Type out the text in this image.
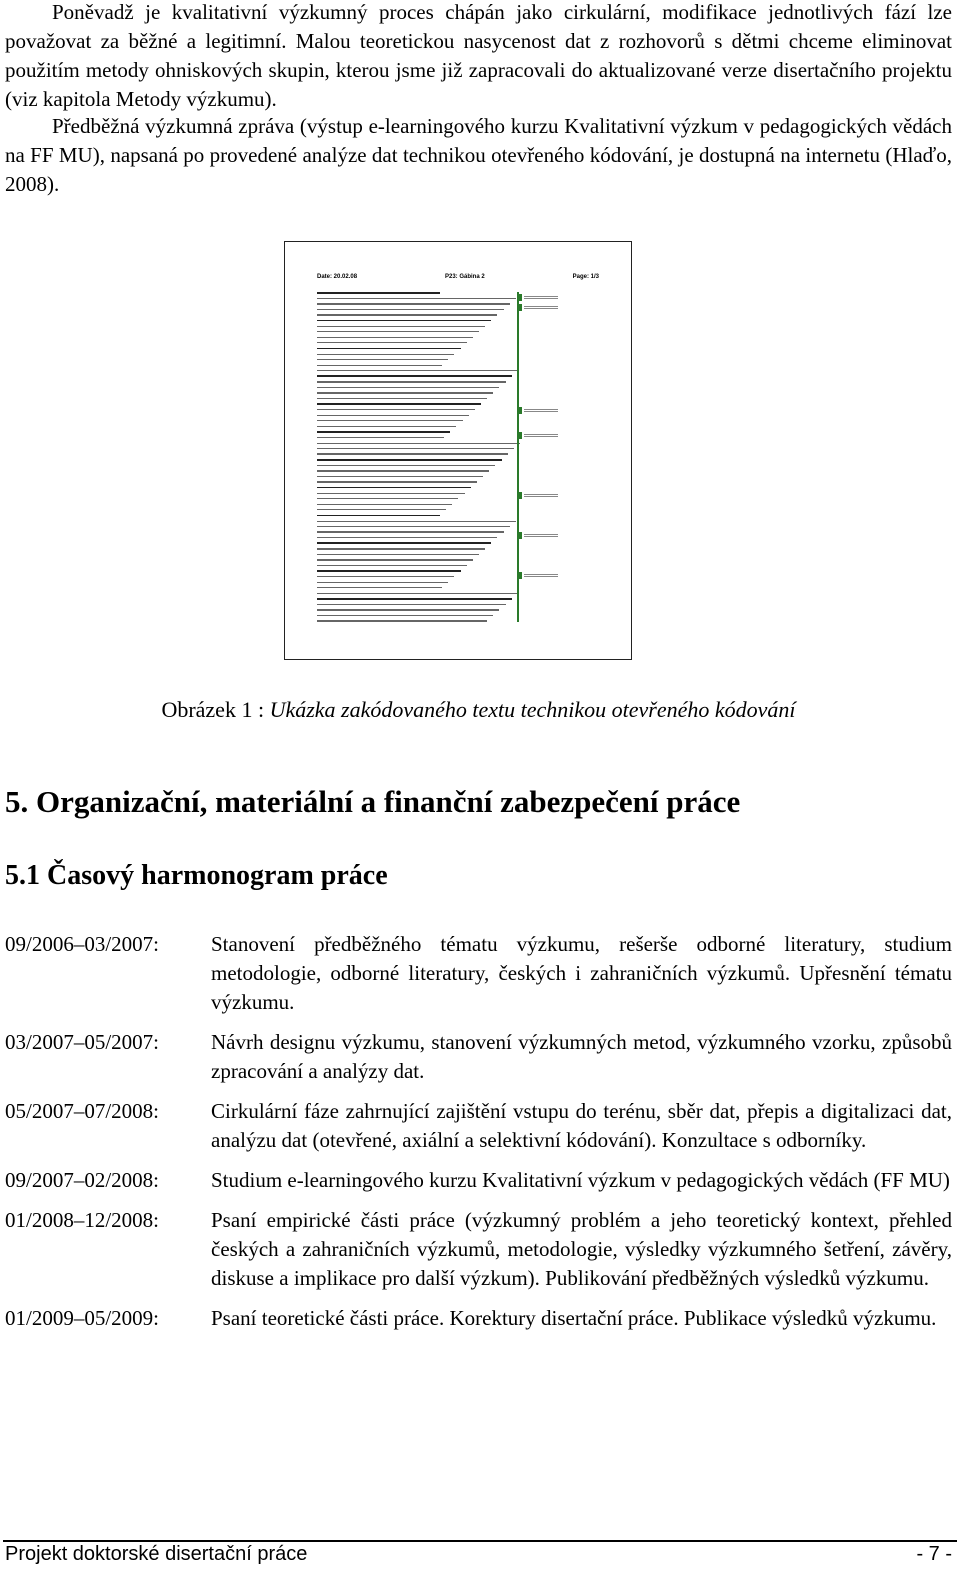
Poněvadž je kvalitativní výzkumný proces chápán jako cirkulární, modifikace jednotlivých fází lze považovat za běžné a legitimní. Malou teoretickou nasycenost dat z rozhovorů s dětmi chceme eliminovat použitím metody ohniskových skupin, kterou jsme již zapracovali do aktualizované verze disertačního projektu (viz kapitola Metody výzkumu).

Předběžná výzkumná zpráva (výstup e-learningového kurzu Kvalitativní výzkum v pedagogických vědách na FF MU), napsaná po provedené analýze dat technikou otevřeného kódování, je dostupná na internetu (Hlaďo, 2008).

Date: 20.02.08	P23: Gábina 2	Page: 1/3
Obrázek 1 : Ukázka zakódovaného textu technikou otevřeného kódování
5. Organizační, materiální a finanční zabezpečení práce
5.1 Časový harmonogram práce
09/2006–03/2007:	Stanovení předběžného tématu výzkumu, rešerše odborné literatury, studium metodologie, odborné literatury, českých i zahraničních výzkumů. Upřesnění tématu výzkumu.
03/2007–05/2007:	Návrh designu výzkumu, stanovení výzkumných metod, výzkumného vzorku, způsobů zpracování a analýzy dat.
05/2007–07/2008:	Cirkulární fáze zahrnující zajištění vstupu do terénu, sběr dat, přepis a digitalizaci dat, analýzu dat (otevřené, axiální a selektivní kódování). Konzultace s odborníky.
09/2007–02/2008:	Studium e-learningového kurzu Kvalitativní výzkum v pedagogických vědách (FF MU)
01/2008–12/2008:	Psaní empirické části práce (výzkumný problém a jeho teoretický kontext, přehled českých a zahraničních výzkumů, metodologie, výsledky výzkumného šetření, závěry, diskuse a implikace pro další výzkum). Publikování předběžných výsledků výzkumu.
01/2009–05/2009:	Psaní teoretické části práce. Korektury disertační práce. Publikace výsledků výzkumu.
Projekt doktorské disertační práce	- 7 -
